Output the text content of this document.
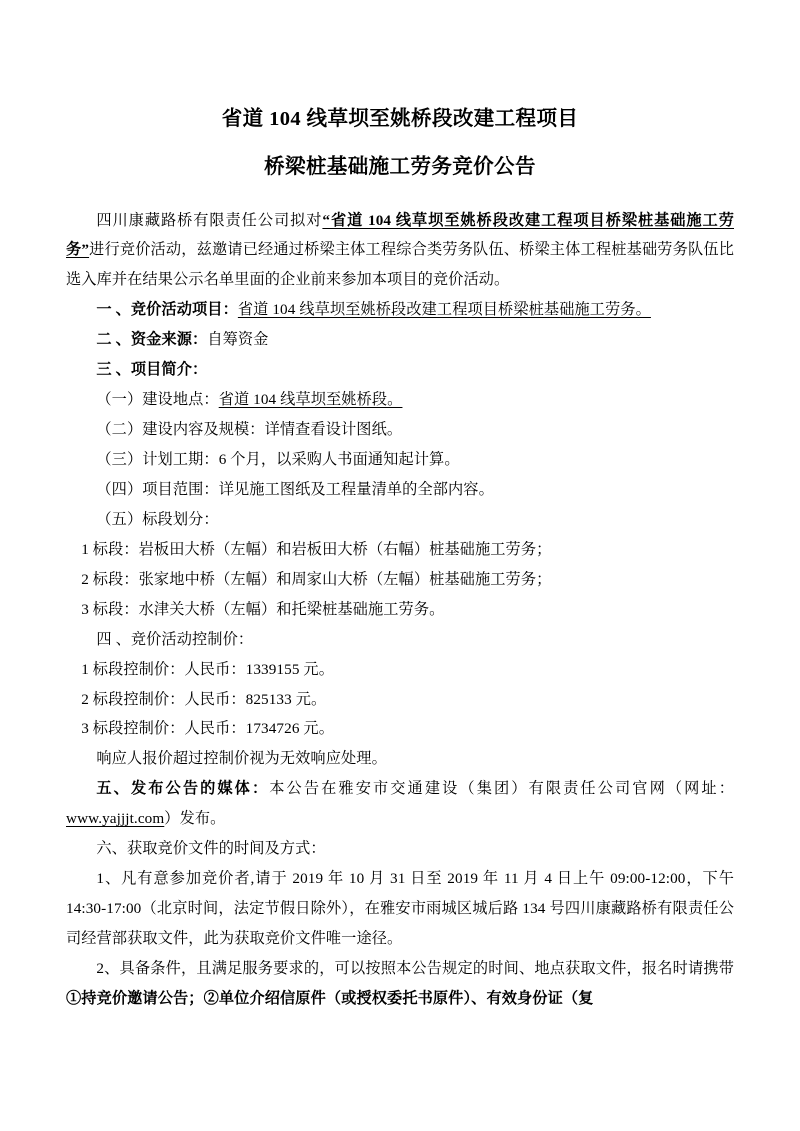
省道 104 线草坝至姚桥段改建工程项目
桥梁桩基础施工劳务竞价公告

四川康藏路桥有限责任公司拟对“省道 104 线草坝至姚桥段改建工程项目桥梁桩基础施工劳务”进行竞价活动，兹邀请已经通过桥梁主体工程综合类劳务队伍、桥梁主体工程桩基础劳务队伍比选入库并在结果公示名单里面的企业前来参加本项目的竞价活动。

一 、竞价活动项目：省道 104 线草坝至姚桥段改建工程项目桥梁桩基础施工劳务。

二 、资金来源：自筹资金

三 、项目简介：

（一）建设地点：省道 104 线草坝至姚桥段。

（二）建设内容及规模：详情查看设计图纸。

（三）计划工期：6 个月，以采购人书面通知起计算。

（四）项目范围：详见施工图纸及工程量清单的全部内容。

（五）标段划分：

1 标段：岩板田大桥（左幅）和岩板田大桥（右幅）桩基础施工劳务；

2 标段：张家地中桥（左幅）和周家山大桥（左幅）桩基础施工劳务；

3 标段：水津关大桥（左幅）和托梁桩基础施工劳务。

四 、竞价活动控制价：

1 标段控制价：人民币：1339155 元。

2 标段控制价：人民币：825133 元。

3 标段控制价：人民币：1734726 元。

响应人报价超过控制价视为无效响应处理。

五、发布公告的媒体：本公告在雅安市交通建设（集团）有限责任公司官网（网址：www.yajjjt.com）发布。

六、获取竞价文件的时间及方式：

1、凡有意参加竞价者,请于 2019 年 10 月 31 日至 2019 年 11 月 4 日上午 09:00-12:00，下午 14:30-17:00（北京时间，法定节假日除外），在雅安市雨城区城后路 134 号四川康藏路桥有限责任公司经营部获取文件，此为获取竞价文件唯一途径。

2、具备条件，且满足服务要求的，可以按照本公告规定的时间、地点获取文件，报名时请携带①持竞价邀请公告；②单位介绍信原件（或授权委托书原件）、有效身份证（复
